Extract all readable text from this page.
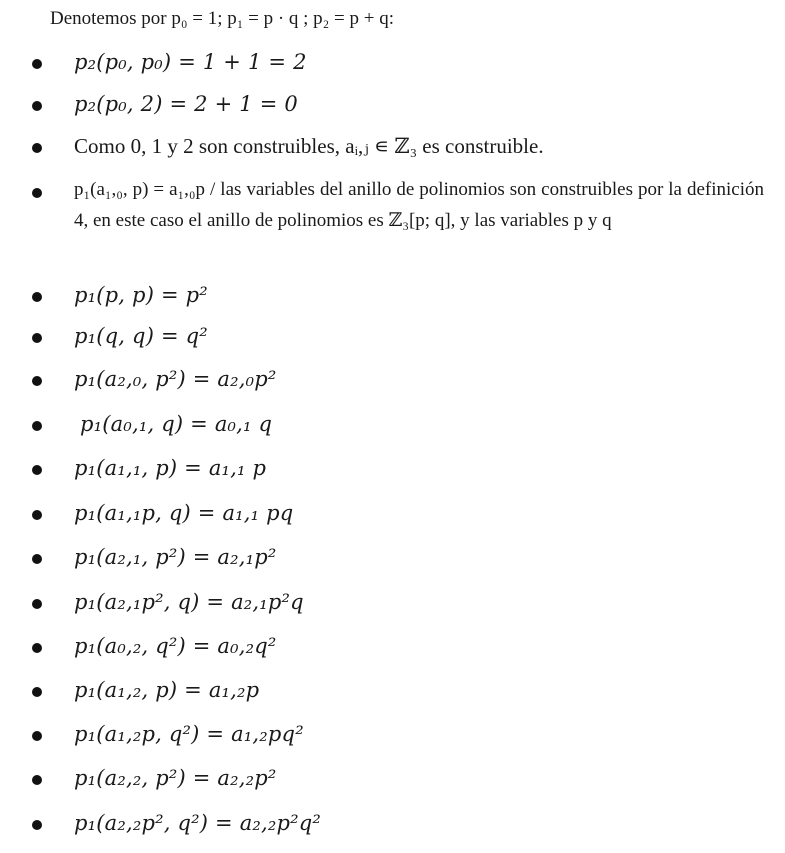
Denotemos por p₀ = 1; p₁ = p · q ; p₂ = p + q:
p₂(p₀, p₀) = 1 + 1 = 2
p₂(p₀, 2) = 2 + 1 = 0
Como 0, 1 y 2 son construibles, aᵢ,ⱼ ∊ ℤ₃ es construible.
p₁(a₁,₀, p) = a₁,₀p / las variables del anillo de polinomios son construibles por la definición 4, en este caso el anillo de polinomios es ℤ₃[p; q], y las variables p y q
p₁(p, p) = p²
p₁(q, q) = q²
p₁(a₂,₀, p²) = a₂,₀p²
p₁(a₀,₁, q) = a₀,₁ q
p₁(a₁,₁, p) = a₁,₁ p
p₁(a₁,₁p, q) = a₁,₁ pq
p₁(a₂,₁, p²) = a₂,₁p²
p₁(a₂,₁p², q) = a₂,₁p²q
p₁(a₀,₂, q²) = a₀,₂q²
p₁(a₁,₂, p) = a₁,₂p
p₁(a₁,₂p, q²) = a₁,₂pq²
p₁(a₂,₂, p²) = a₂,₂p²
p₁(a₂,₂p², q²) = a₂,₂p²q²
